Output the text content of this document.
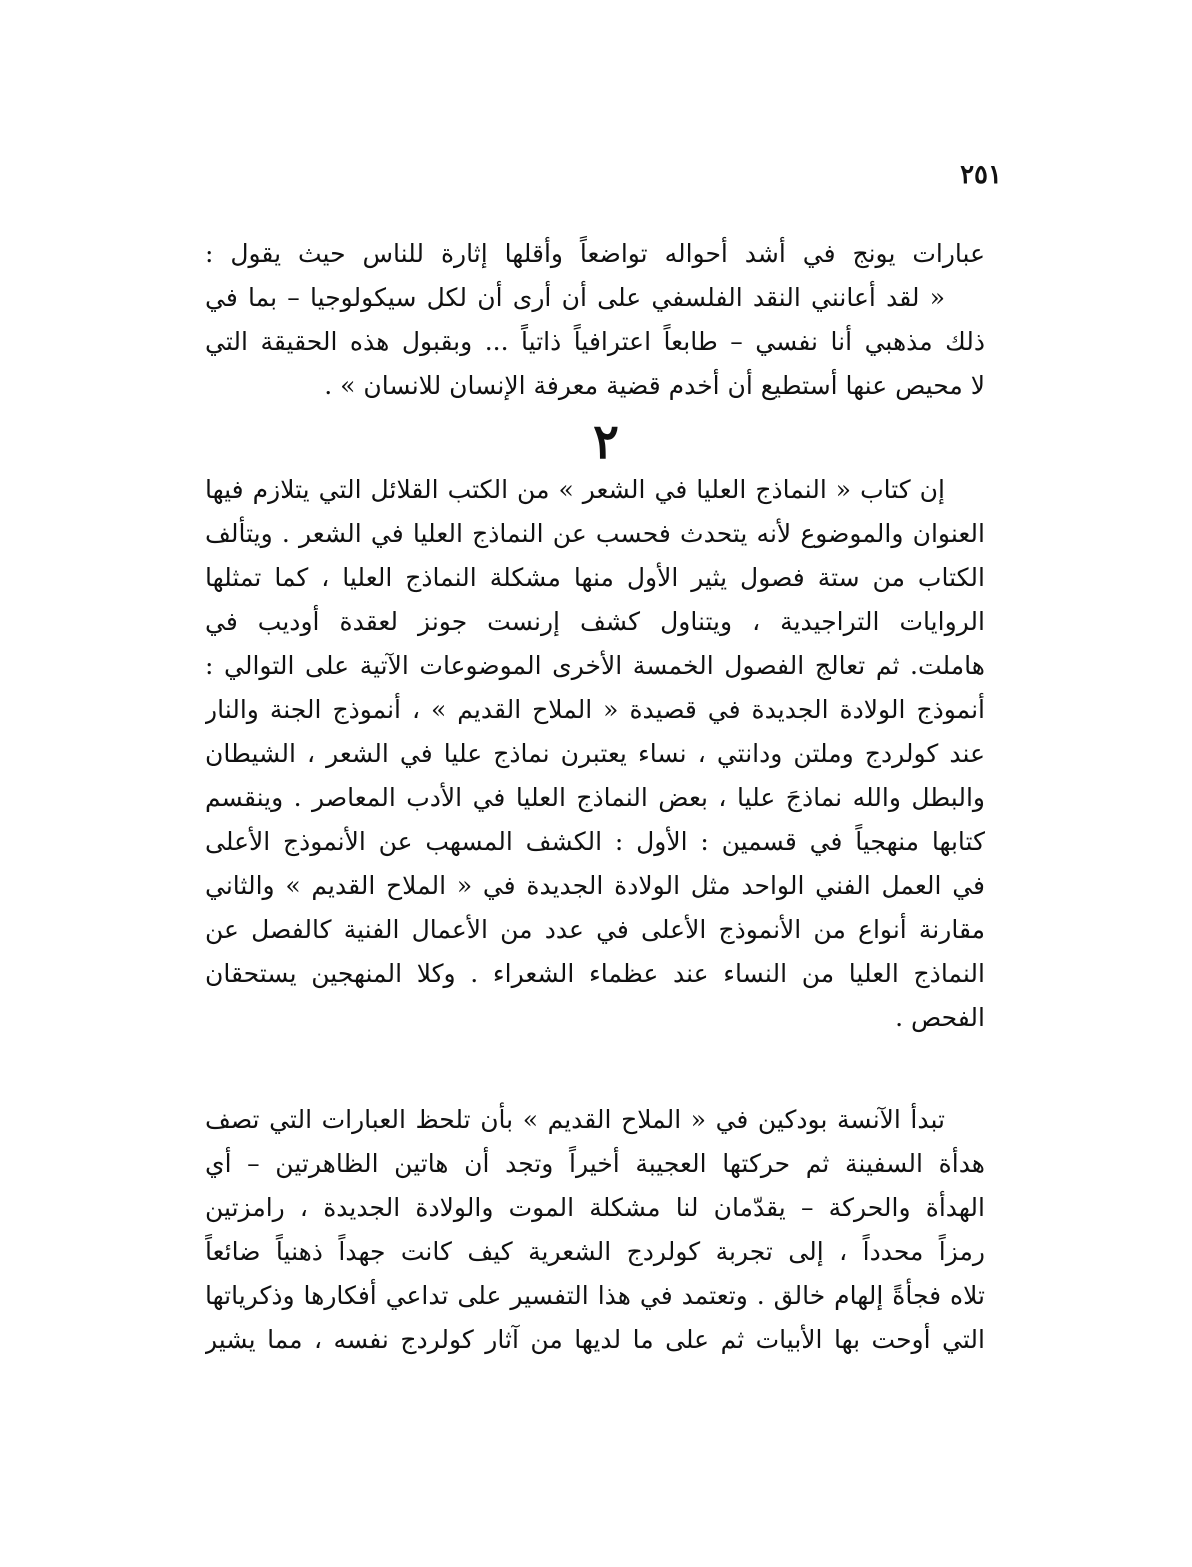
٢٥١
عبارات يونج في أشد أحواله تواضعاً وأقلها إثارة للناس حيث يقول :
« لقد أعانني النقد الفلسفي على أن أرى أن لكل سيكولوجيا – بما في
ذلك مذهبي أنا نفسي – طابعاً اعترافياً ذاتياً ... وبقبول هذه الحقيقة التي
لا محيص عنها أستطيع أن أخدم قضية معرفة الإنسان للانسان » .
٢
إن كتاب « النماذج العليا في الشعر » من الكتب القلائل التي يتلازم فيها
العنوان والموضوع لأنه يتحدث فحسب عن النماذج العليا في الشعر . ويتألف
الكتاب من ستة فصول يثير الأول منها مشكلة النماذج العليا ، كما تمثلها
الروايات التراجيدية ، ويتناول كشف إرنست جونز لعقدة أوديب في
هاملت. ثم تعالج الفصول الخمسة الأخرى الموضوعات الآتية على التوالي :
أنموذج الولادة الجديدة في قصيدة « الملاح القديم » ، أنموذج الجنة والنار
عند كولردج وملتن ودانتي ، نساء يعتبرن نماذج عليا في الشعر ، الشيطان
والبطل والله نماذجَ عليا ، بعض النماذج العليا في الأدب المعاصر . وينقسم
كتابها منهجياً في قسمين : الأول : الكشف المسهب عن الأنموذج الأعلى
في العمل الفني الواحد مثل الولادة الجديدة في « الملاح القديم » والثاني
مقارنة أنواع من الأنموذج الأعلى في عدد من الأعمال الفنية كالفصل عن
النماذج العليا من النساء عند عظماء الشعراء . وكلا المنهجين يستحقان
الفحص .
تبدأ الآنسة بودكين في « الملاح القديم » بأن تلحظ العبارات التي تصف
هدأة السفينة ثم حركتها العجيبة أخيراً وتجد أن هاتين الظاهرتين – أي
الهدأة والحركة – يقدّمان لنا مشكلة الموت والولادة الجديدة ، رامزتين
رمزاً محدداً ، إلى تجربة كولردج الشعرية كيف كانت جهداً ذهنياً ضائعاً
تلاه فجأةً إلهام خالق . وتعتمد في هذا التفسير على تداعي أفكارها وذكرياتها
التي أوحت بها الأبيات ثم على ما لديها من آثار كولردج نفسه ، مما يشير
